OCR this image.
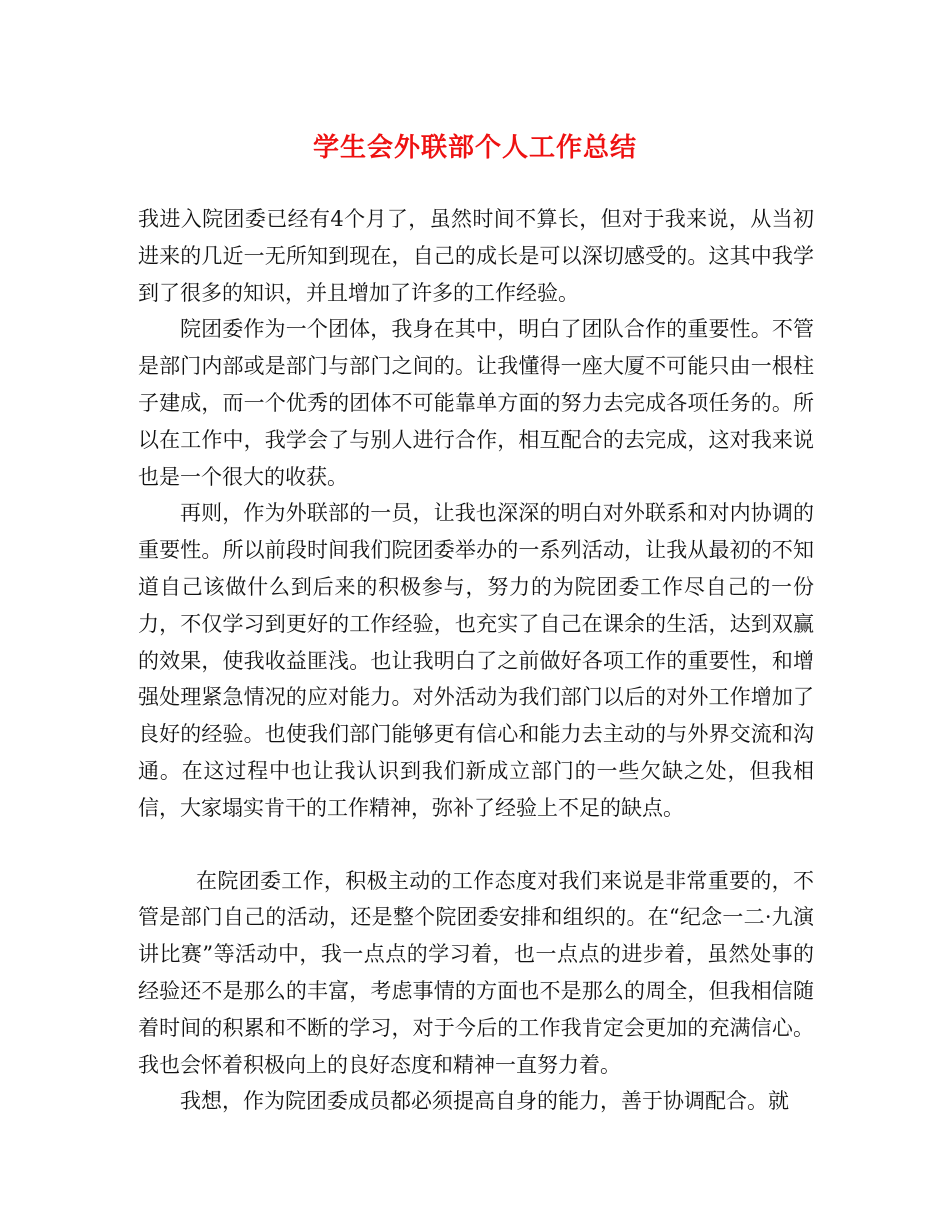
学生会外联部个人工作总结

我进入院团委已经有4个月了，虽然时间不算长，但对于我来说，从当初进来的几近一无所知到现在，自己的成长是可以深切感受的。这其中我学到了很多的知识，并且增加了许多的工作经验。

院团委作为一个团体，我身在其中，明白了团队合作的重要性。不管是部门内部或是部门与部门之间的。让我懂得一座大厦不可能只由一根柱子建成，而一个优秀的团体不可能靠单方面的努力去完成各项任务的。所以在工作中，我学会了与别人进行合作，相互配合的去完成，这对我来说也是一个很大的收获。

再则，作为外联部的一员，让我也深深的明白对外联系和对内协调的重要性。所以前段时间我们院团委举办的一系列活动，让我从最初的不知道自己该做什么到后来的积极参与，努力的为院团委工作尽自己的一份力，不仅学习到更好的工作经验，也充实了自己在课余的生活，达到双赢的效果，使我收益匪浅。也让我明白了之前做好各项工作的重要性，和增强处理紧急情况的应对能力。对外活动为我们部门以后的对外工作增加了良好的经验。也使我们部门能够更有信心和能力去主动的与外界交流和沟通。在这过程中也让我认识到我们新成立部门的一些欠缺之处，但我相信，大家塌实肯干的工作精神，弥补了经验上不足的缺点。

在院团委工作，积极主动的工作态度对我们来说是非常重要的，不管是部门自己的活动，还是整个院团委安排和组织的。在“纪念一二·九演讲比赛”等活动中，我一点点的学习着，也一点点的进步着，虽然处事的经验还不是那么的丰富，考虑事情的方面也不是那么的周全，但我相信随着时间的积累和不断的学习，对于今后的工作我肯定会更加的充满信心。我也会怀着积极向上的良好态度和精神一直努力着。

我想，作为院团委成员都必须提高自身的能力，善于协调配合。就
